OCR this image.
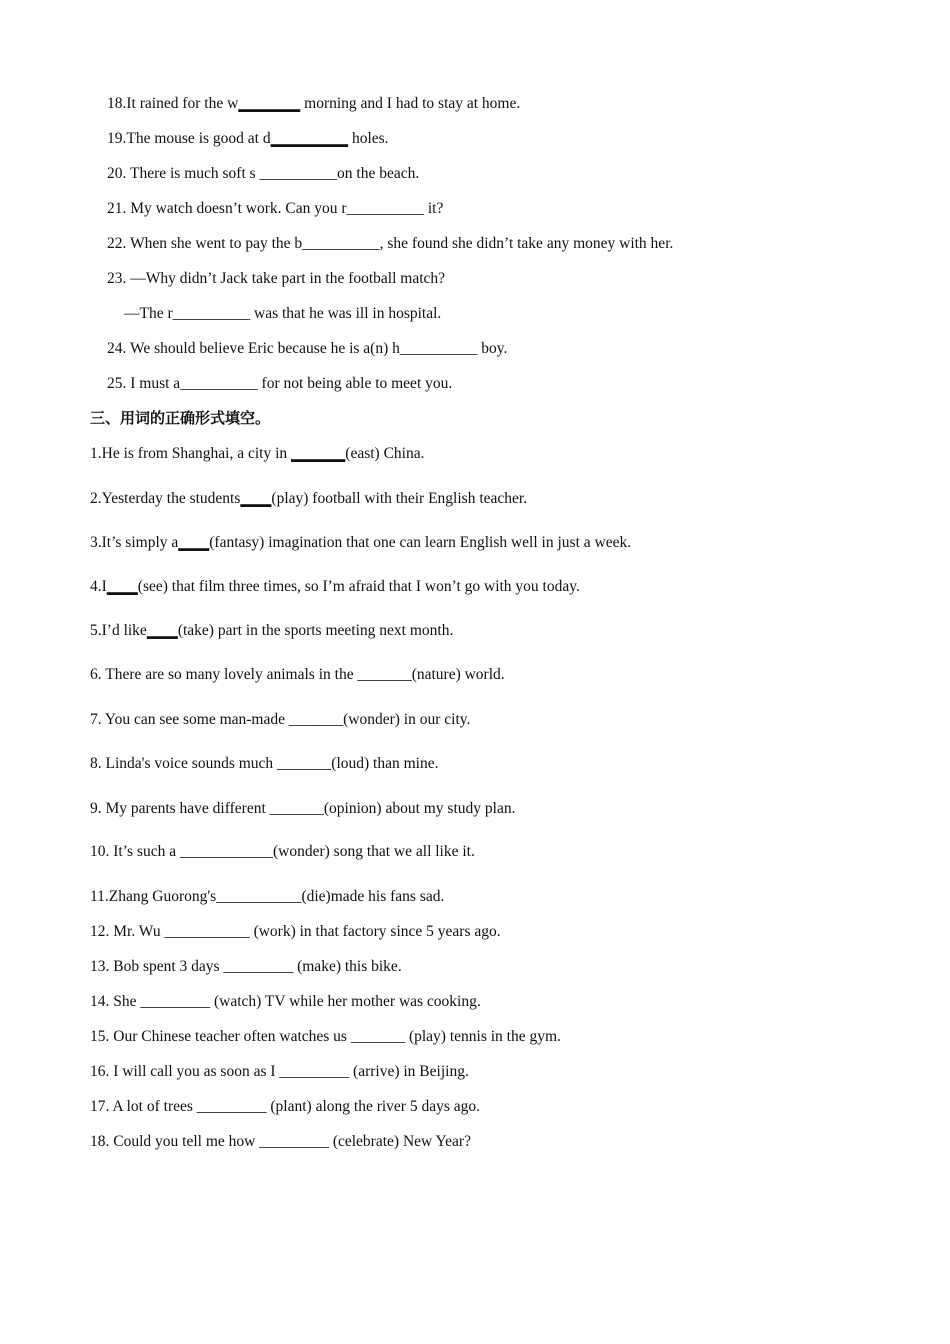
18.It rained for the w________ morning and I had to stay at home.
19.The mouse is good at d__________ holes.
20. There is much soft s __________on the beach.
21. My watch doesn’t work. Can you r__________ it?
22. When she went to pay the b__________, she found she didn’t take any money with her.
23. —Why didn’t Jack take part in the football match?
—The r__________ was that he was ill in hospital.
24. We should believe Eric because he is a(n) h__________ boy.
25. I must a__________ for not being able to meet you.
三、用词的正确形式填空。
1.He is from Shanghai, a city in _______(east) China.
2.Yesterday the students____(play) football with their English teacher.
3.It’s simply a____(fantasy) imagination that one can learn English well in just a week.
4.I____(see) that film three times, so I’m afraid that I won’t go with you today.
5.I’d like____(take) part in the sports meeting next month.
6. There are so many lovely animals in the _______(nature) world.
7. You can see some man-made _______(wonder) in our city.
8. Linda's voice sounds much _______(loud) than mine.
9. My parents have different _______(opinion) about my study plan.
10. It’s such a ____________(wonder) song that we all like it.
11.Zhang Guorong's___________(die)made his fans sad.
12. Mr. Wu ___________ (work) in that factory since 5 years ago.
13. Bob spent 3 days _________ (make) this bike.
14. She _________ (watch) TV while her mother was cooking.
15. Our Chinese teacher often watches us _______ (play) tennis in the gym.
16. I will call you as soon as I _________ (arrive) in Beijing.
17. A lot of trees _________ (plant) along the river 5 days ago.
18. Could you tell me how _________ (celebrate) New Year?
